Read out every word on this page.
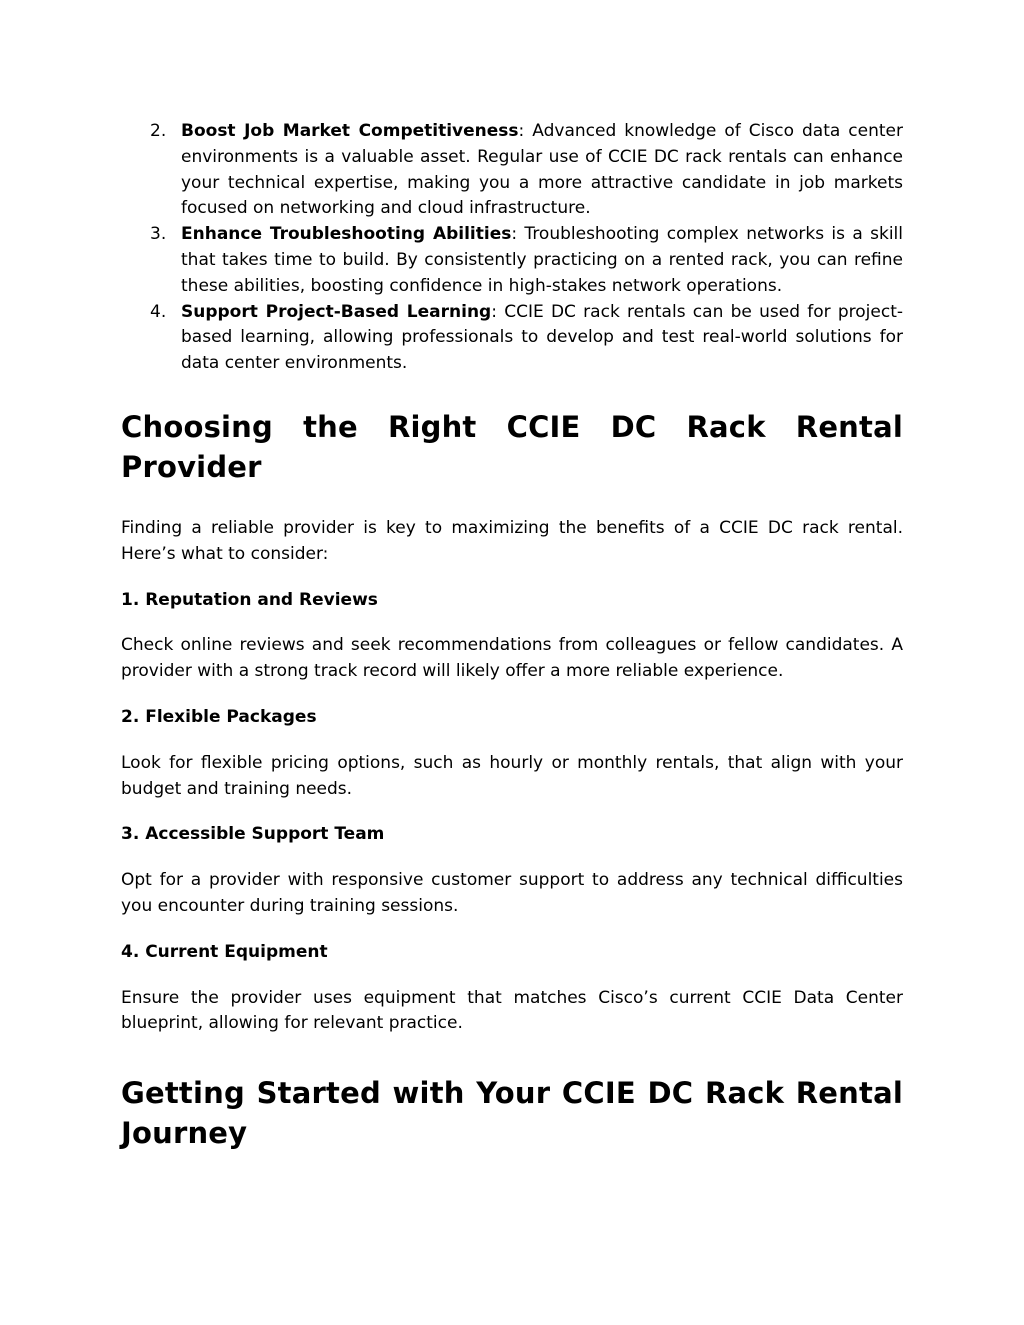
2. Boost Job Market Competitiveness: Advanced knowledge of Cisco data center environments is a valuable asset. Regular use of CCIE DC rack rentals can enhance your technical expertise, making you a more attractive candidate in job markets focused on networking and cloud infrastructure.
3. Enhance Troubleshooting Abilities: Troubleshooting complex networks is a skill that takes time to build. By consistently practicing on a rented rack, you can refine these abilities, boosting confidence in high-stakes network operations.
4. Support Project-Based Learning: CCIE DC rack rentals can be used for project-based learning, allowing professionals to develop and test real-world solutions for data center environments.
Choosing the Right CCIE DC Rack Rental Provider

Finding a reliable provider is key to maximizing the benefits of a CCIE DC rack rental. Here’s what to consider:

1. Reputation and Reviews

Check online reviews and seek recommendations from colleagues or fellow candidates. A provider with a strong track record will likely offer a more reliable experience.

2. Flexible Packages

Look for flexible pricing options, such as hourly or monthly rentals, that align with your budget and training needs.

3. Accessible Support Team

Opt for a provider with responsive customer support to address any technical difficulties you encounter during training sessions.

4. Current Equipment

Ensure the provider uses equipment that matches Cisco’s current CCIE Data Center blueprint, allowing for relevant practice.

Getting Started with Your CCIE DC Rack Rental Journey
